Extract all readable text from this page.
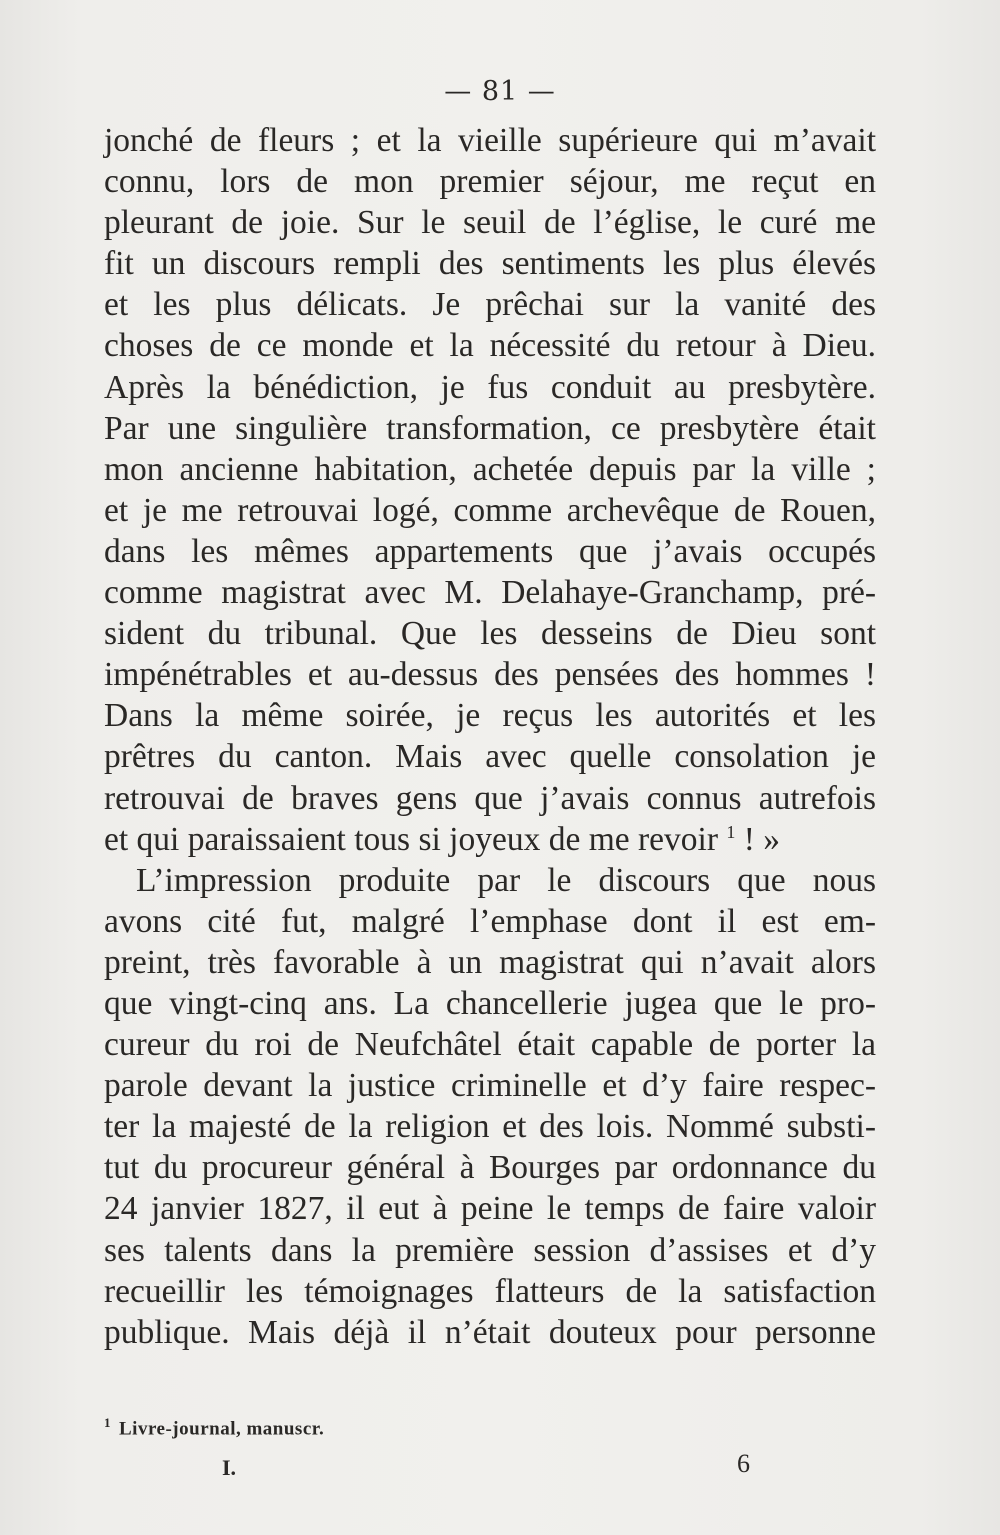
— 81 —
jonché de fleurs ; et la vieille supérieure qui m’avait
connu, lors de mon premier séjour, me reçut en
pleurant de joie. Sur le seuil de l’église, le curé me
fit un discours rempli des sentiments les plus élevés
et les plus délicats. Je prêchai sur la vanité des
choses de ce monde et la nécessité du retour à Dieu.
Après la bénédiction, je fus conduit au presbytère.
Par une singulière transformation, ce presbytère était
mon ancienne habitation, achetée depuis par la ville ;
et je me retrouvai logé, comme archevêque de Rouen,
dans les mêmes appartements que j’avais occupés
comme magistrat avec M. Delahaye-Granchamp, pré-
sident du tribunal. Que les desseins de Dieu sont
impénétrables et au-dessus des pensées des hommes !
Dans la même soirée, je reçus les autorités et les
prêtres du canton. Mais avec quelle consolation je
retrouvai de braves gens que j’avais connus autrefois
et qui paraissaient tous si joyeux de me revoir $^1$ ! »
L’impression produite par le discours que nous
avons cité fut, malgré l’emphase dont il est em-
preint, très favorable à un magistrat qui n’avait alors
que vingt-cinq ans. La chancellerie jugea que le pro-
cureur du roi de Neufchâtel était capable de porter la
parole devant la justice criminelle et d’y faire respec-
ter la majesté de la religion et des lois. Nommé substi-
tut du procureur général à Bourges par ordonnance du
24 janvier 1827, il eut à peine le temps de faire valoir
ses talents dans la première session d’assises et d’y
recueillir les témoignages flatteurs de la satisfaction
publique. Mais déjà il n’était douteux pour personne
$^1$ Livre-journal, manuscr.
I.	6
